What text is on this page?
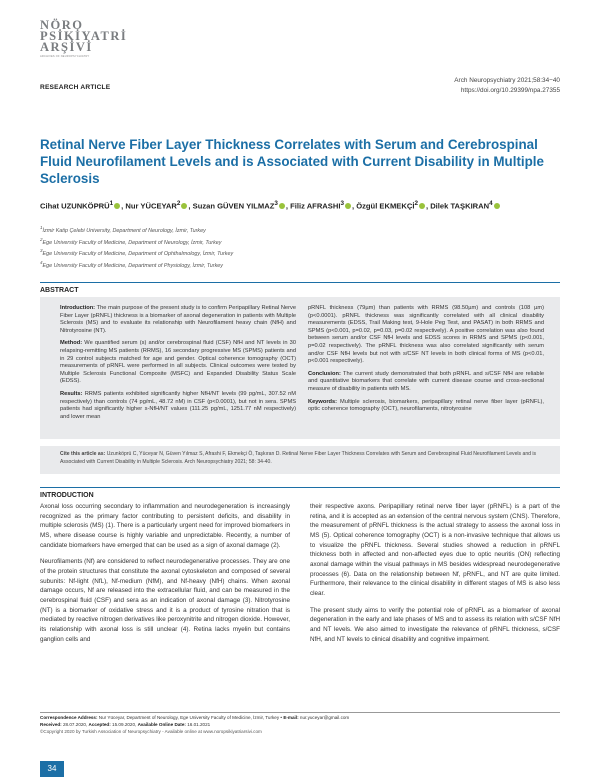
NÖRO
PSİKİYATRİ
ARŞİVİ
ARCHIVES OF NEUROPSYCHIATRY
Arch Neuropsychiatry 2021;58:34−40
https://doi.org/10.29399/npa.27355
RESEARCH ARTICLE
Retinal Nerve Fiber Layer Thickness Correlates with Serum and Cerebrospinal Fluid Neurofilament Levels and is Associated with Current Disability in Multiple Sclerosis
Cihat UZUNKÖPRÜ$^1$ , Nur YÜCEYAR$^2$ , Suzan GÜVEN YILMAZ$^3$ , Filiz AFRASHI$^3$ , Özgül EKMEKÇİ$^2$ , Dilek TAŞKIRAN$^4$
$^1$İzmir Katip Çelebi University, Department of Neurology, İzmir, Turkey
$^2$Ege University Faculty of Medicine, Department of Neurology, İzmir, Turkey
$^3$Ege University Faculty of Medicine, Department of Ophthalmology, İzmir, Turkey
$^4$Ege University Faculty of Medicine, Department of Physiology, İzmir, Turkey
ABSTRACT

Introduction: The main purpose of the present study is to confirm Peripapillary Retinal Nerve Fiber Layer (pRNFL) thickness is a biomarker of axonal degeneration in patients with Multiple Sclerosis (MS) and to evaluate its relationship with Neurofilament heavy chain (NfH) and Nitrotyrosine (NT).

Method: We quantified serum (s) and/or cerebrospinal fluid (CSF) NfH and NT levels in 30 relapsing-remitting MS patients (RRMS), 16 secondary progressive MS (SPMS) patients and in 29 control subjects matched for age and gender. Optical coherence tomography (OCT) measurements of pRNFL were performed in all subjects. Clinical outcomes were tested by Multiple Sclerosis Functional Composite (MSFC) and Expanded Disability Status Scale (EDSS).

Results: RRMS patients exhibited significantly higher NfH/NT levels (99 pg/mL, 307.52 nM respectively) than controls (74 pg/mL, 48.72 nM) in CSF (p<0.0001), but not in sera. SPMS patients had significantly higher s-NfH/NT values (111.25 pg/mL, 1251.77 nM respectively) and lower mean

pRNFL thickness (79µm) than patients with RRMS (98.50µm) and controls (108 µm) (p<0.0001). pRNFL thickness was significantly correlated with all clinical disability measurements (EDSS, Trail Making test, 9-Hole Peg Test, and PASAT) in both RRMS and SPMS (p<0.001, p=0.02, p=0.03, p=0.02 respectively). A positive correlation was also found between serum and/or CSF NfH levels and EDSS scores in RRMS and SPMS (p<0.001, p=0.02 respectively). The pRNFL thickness was also correlated significantly with serum and/or CSF NfH levels but not with s/CSF NT levels in both clinical forms of MS (p<0.01, p<0.001 respectively).

Conclusion: The current study demonstrated that both pRNFL and s/CSF NfH are reliable and quantitative biomarkers that correlate with current disease course and cross-sectional measure of disability in patients with MS.

Keywords: Multiple sclerosis, biomarkers, peripapillary retinal nerve fiber layer (pRNFL), optic coherence tomography (OCT), neurofilaments, nitrotyrosine

Cite this article as: Uzunköprü C, Yüceyar N, Güven Yılmaz S, Afrashi F, Ekmekçi Ö, Taşkıran D. Retinal Nerve Fiber Layer Thickness Correlates with Serum and Cerebrospinal Fluid Neurofilament Levels and is Associated with Current Disability in Multiple Sclerosis. Arch Neuropsychiatry 2021; 58: 34-40.
INTRODUCTION

Axonal loss occurring secondary to inflammation and neurodegeneration is increasingly recognized as the primary factor contributing to persistent deficits, and disability in multiple sclerosis (MS) (1). There is a particularly urgent need for improved biomarkers in MS, where disease course is highly variable and unpredictable. Recently, a number of candidate biomarkers have emerged that can be used as a sign of axonal damage (2).

Neurofilaments (Nf) are considered to reflect neurodegenerative processes. They are one of the protein structures that constitute the axonal cytoskeleton and composed of several subunits: Nf-light (NfL), Nf-medium (NfM), and Nf-heavy (NfH) chains. When axonal damage occurs, Nf are released into the extracellular fluid, and can be measured in the cerebrospinal fluid (CSF) and sera as an indication of axonal damage (3). Nitrotyrosine (NT) is a biomarker of oxidative stress and it is a product of tyrosine nitration that is mediated by reactive nitrogen derivatives like peroxynitrite and nitrogen dioxide. However, its relationship with axonal loss is still unclear (4). Retina lacks myelin but contains ganglion cells and

their respective axons. Peripapillary retinal nerve fiber layer (pRNFL) is a part of the retina, and it is accepted as an extension of the central nervous system (CNS). Therefore, the measurement of pRNFL thickness is the actual strategy to assess the axonal loss in MS (5). Optical coherence tomography (OCT) is a non-invasive technique that allows us to visualize the pRNFL thickness. Several studies showed a reduction in pRNFL thickness both in affected and non-affected eyes due to optic neuritis (ON) reflecting axonal damage within the visual pathways in MS besides widespread neurodegenerative processes (6). Data on the relationship between Nf, pRNFL, and NT are quite limited. Furthermore, their relevance to the clinical disability in different stages of MS is also less clear.

The present study aims to verify the potential role of pRNFL as a biomarker of axonal degeneration in the early and late phases of MS and to assess its relation with s/CSF NfH and NT levels. We also aimed to investigate the relevance of pRNFL thickness, s/CSF NfH, and NT levels to clinical disability and cognitive impairment.

Correspondence Address: Nur Yüceyar, Department of Neurology, Ege University Faculty of Medicine, İzmir, Turkey • E-mail: nur.yuceyar@gmail.com
Received: 28.07.2020, Accepted: 15.09.2020, Available Online Date: 16.01.2021
©Copyright 2020 by Turkish Association of Neuropsychiatry - Available online at www.noropsikiyatriarsivi.com
34
